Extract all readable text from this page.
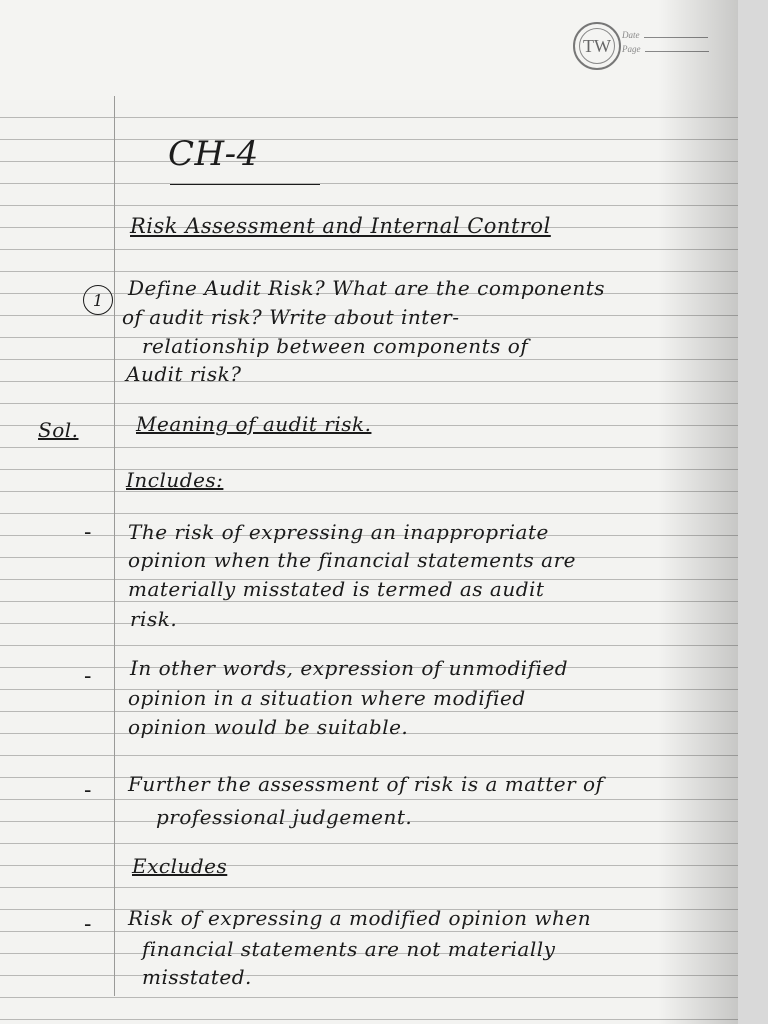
TW
Date
Page
CH-4
Risk Assessment and Internal Control
1	Define Audit Risk? What are the components
of audit risk? Write about inter-
relationship between components of
Audit risk?
Sol.	Meaning of audit risk.
Includes:
- The risk of expressing an inappropriate
opinion when the financial statements are
materially misstated is termed as audit
risk.
- In other words, expression of unmodified
opinion in a situation where modified
opinion would be suitable.
- Further the assessment of risk is a matter of
professional judgement.
Excludes
- Risk of expressing a modified opinion when
financial statements are not materially
misstated.
